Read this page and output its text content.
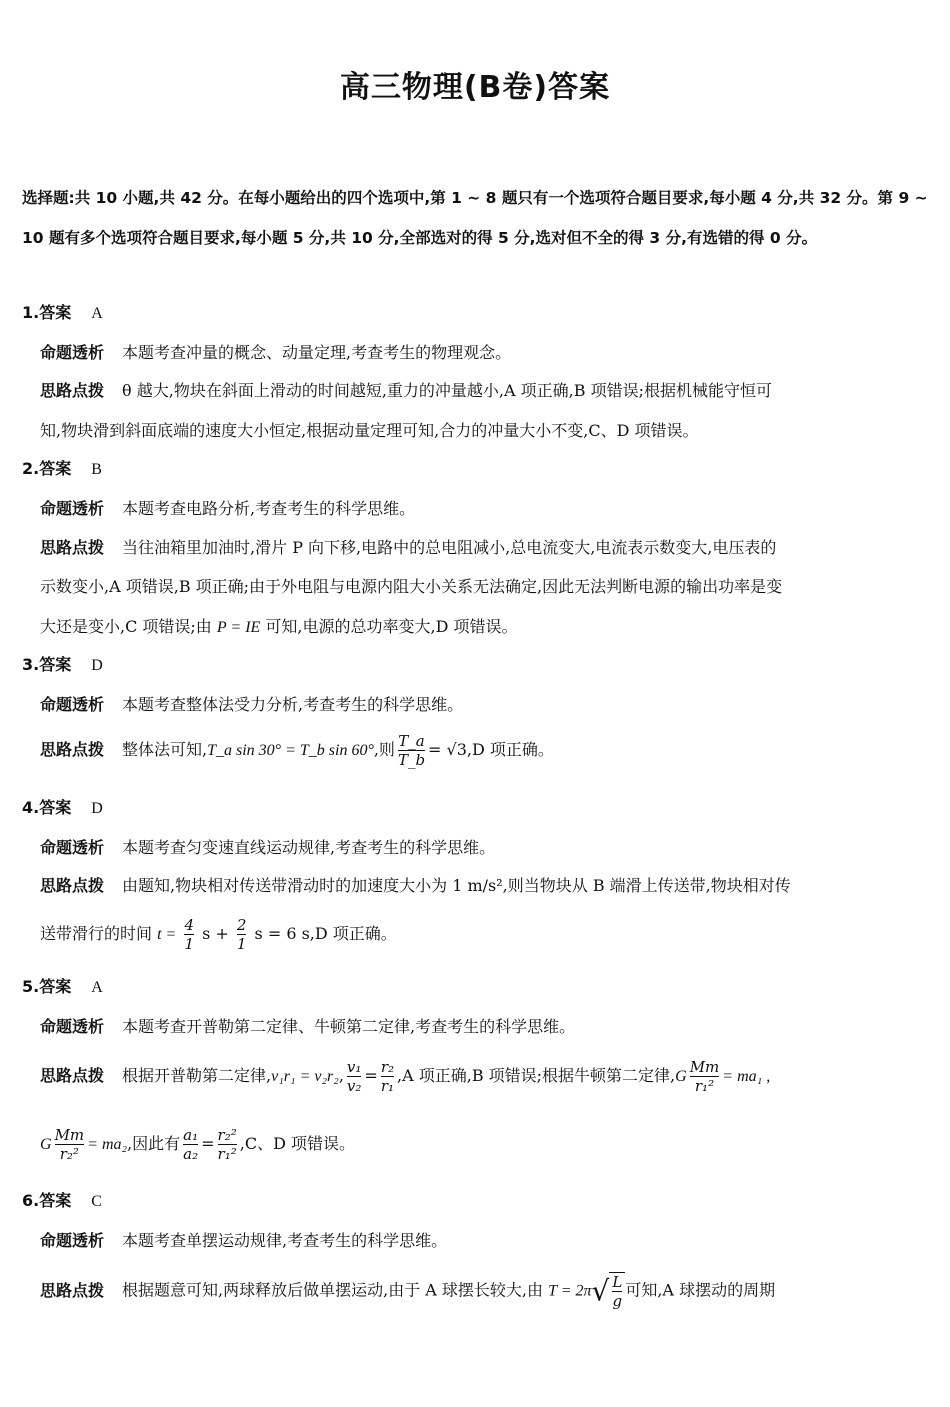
高三物理(B卷)答案
选择题:共 10 小题,共 42 分。在每小题给出的四个选项中,第 1 ~ 8 题只有一个选项符合题目要求,每小题 4 分,共 32 分。第 9 ~ 10 题有多个选项符合题目要求,每小题 5 分,共 10 分,全部选对的得 5 分,选对但不全的得 3 分,有选错的得 0 分。
1.答案 A
命题透析 本题考查冲量的概念、动量定理,考查考生的物理观念。
思路点拨 θ 越大,物块在斜面上滑动的时间越短,重力的冲量越小,A 项正确,B 项错误;根据机械能守恒可
知,物块滑到斜面底端的速度大小恒定,根据动量定理可知,合力的冲量大小不变,C、D 项错误。
2.答案 B
命题透析 本题考查电路分析,考查考生的科学思维。
思路点拨 当往油箱里加油时,滑片 P 向下移,电路中的总电阻减小,总电流变大,电流表示数变大,电压表的
示数变小,A 项错误,B 项正确;由于外电阻与电源内阻大小关系无法确定,因此无法判断电源的输出功率是变
大还是变小,C 项错误;由 P = IE 可知,电源的总功率变大,D 项错误。
3.答案 D
命题透析 本题考查整体法受力分析,考查考生的科学思维。
思路点拨 整体法可知,T_a sin 30° = T_b sin 60°,则 $\frac{T\_a}{T\_b} = √3,D$ 项正确。
4.答案 D
命题透析 本题考查匀变速直线运动规律,考查考生的科学思维。
思路点拨 由题知,物块相对传送带滑动时的加速度大小为 1 m/s²,则当物块从 B 端滑上传送带,物块相对传
送带滑行的时间 $t = \frac{4}{1}$ $s + \frac{2}{1}$ s = 6 s,D 项正确。
5.答案 A
命题透析 本题考查开普勒第二定律、牛顿第二定律,考查考生的科学思维。
思路点拨 根据开普勒第二定律,v₁r₁ = v₂r₂, $\frac{\text{v₁}}{\text{v₂}} = \frac{\text{r₂}}{\text{r₁}} ,A$ 项正确,B 项错误;根据牛顿第二定律$,G \frac{Mm}{\text{r₁²}} = ma_1$ ,
G $\frac{Mm}{\text{r₂²}} = ma_2$,因此有 $\frac{\text{a₁}}{\text{a₂}} = \frac{\text{r₂²}}{\text{r₁²}} ,C$、D 项错误。
6.答案 C
命题透析 本题考查单摆运动规律,考查考生的科学思维。
思路点拨 根据题意可知,两球释放后做单摆运动,由于 A 球摆长较大,由 $T = 2\pi√ \frac{L}{g}$ 可知,A 球摆动的周期
